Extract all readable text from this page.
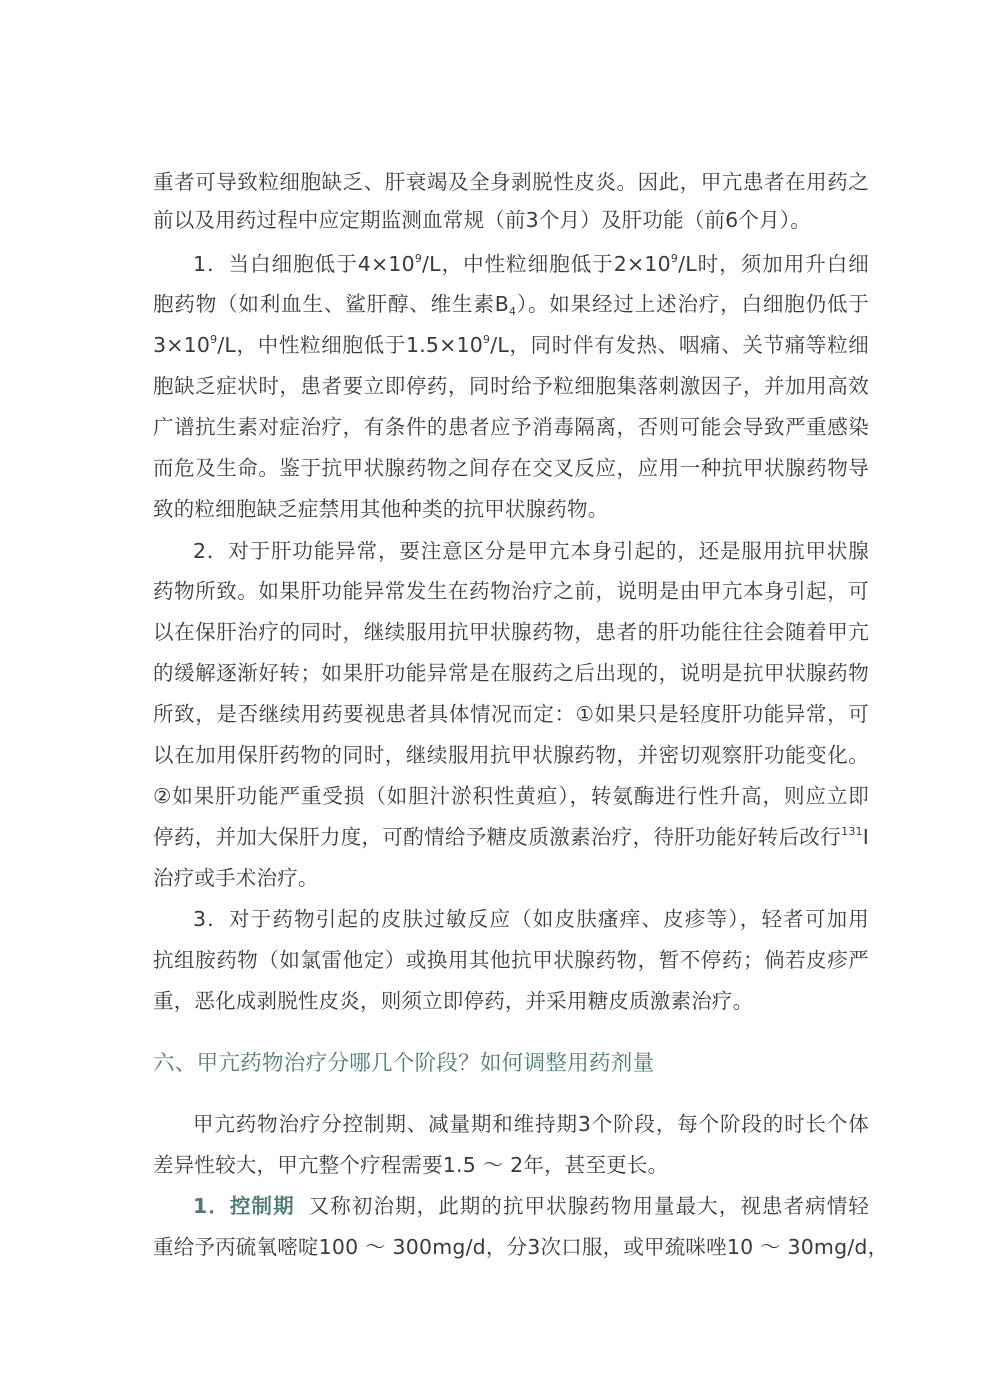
重者可导致粒细胞缺乏、肝衰竭及全身剥脱性皮炎。因此，甲亢患者在用药之
前以及用药过程中应定期监测血常规（前3个月）及肝功能（前6个月）。
1．当白细胞低于$4\times 10^9/L$，中性粒细胞低于$2\times 10^9/L$时，须加用升白细
胞药物（如利血生、鲨肝醇、维生素$B_4$）。如果经过上述治疗，白细胞仍低于
$3\times 10^9/L$，中性粒细胞低于$1.5\times 10^9/L$，同时伴有发热、咽痛、关节痛等粒细
胞缺乏症状时，患者要立即停药，同时给予粒细胞集落刺激因子，并加用高效
广谱抗生素对症治疗，有条件的患者应予消毒隔离，否则可能会导致严重感染
而危及生命。鉴于抗甲状腺药物之间存在交叉反应，应用一种抗甲状腺药物导
致的粒细胞缺乏症禁用其他种类的抗甲状腺药物。
2．对于肝功能异常，要注意区分是甲亢本身引起的，还是服用抗甲状腺
药物所致。如果肝功能异常发生在药物治疗之前，说明是由甲亢本身引起，可
以在保肝治疗的同时，继续服用抗甲状腺药物，患者的肝功能往往会随着甲亢
的缓解逐渐好转；如果肝功能异常是在服药之后出现的，说明是抗甲状腺药物
所致，是否继续用药要视患者具体情况而定：①如果只是轻度肝功能异常，可
以在加用保肝药物的同时，继续服用抗甲状腺药物，并密切观察肝功能变化。
②如果肝功能严重受损（如胆汁淤积性黄疸），转氨酶进行性升高，则应立即
停药，并加大保肝力度，可酌情给予糖皮质激素治疗，待肝功能好转后改行$^{131}$I
治疗或手术治疗。
3．对于药物引起的皮肤过敏反应（如皮肤瘙痒、皮疹等），轻者可加用
抗组胺药物（如氯雷他定）或换用其他抗甲状腺药物，暂不停药；倘若皮疹严
重，恶化成剥脱性皮炎，则须立即停药，并采用糖皮质激素治疗。
六、甲亢药物治疗分哪几个阶段？如何调整用药剂量
甲亢药物治疗分控制期、减量期和维持期3个阶段，每个阶段的时长个体
差异性较大，甲亢整个疗程需要1.5 ～ 2年，甚至更长。
1．控制期 又称初治期，此期的抗甲状腺药物用量最大，视患者病情轻
重给予丙硫氧嘧啶100 ～ 300mg/d，分3次口服，或甲巯咪唑10 ～ 30mg/d，
